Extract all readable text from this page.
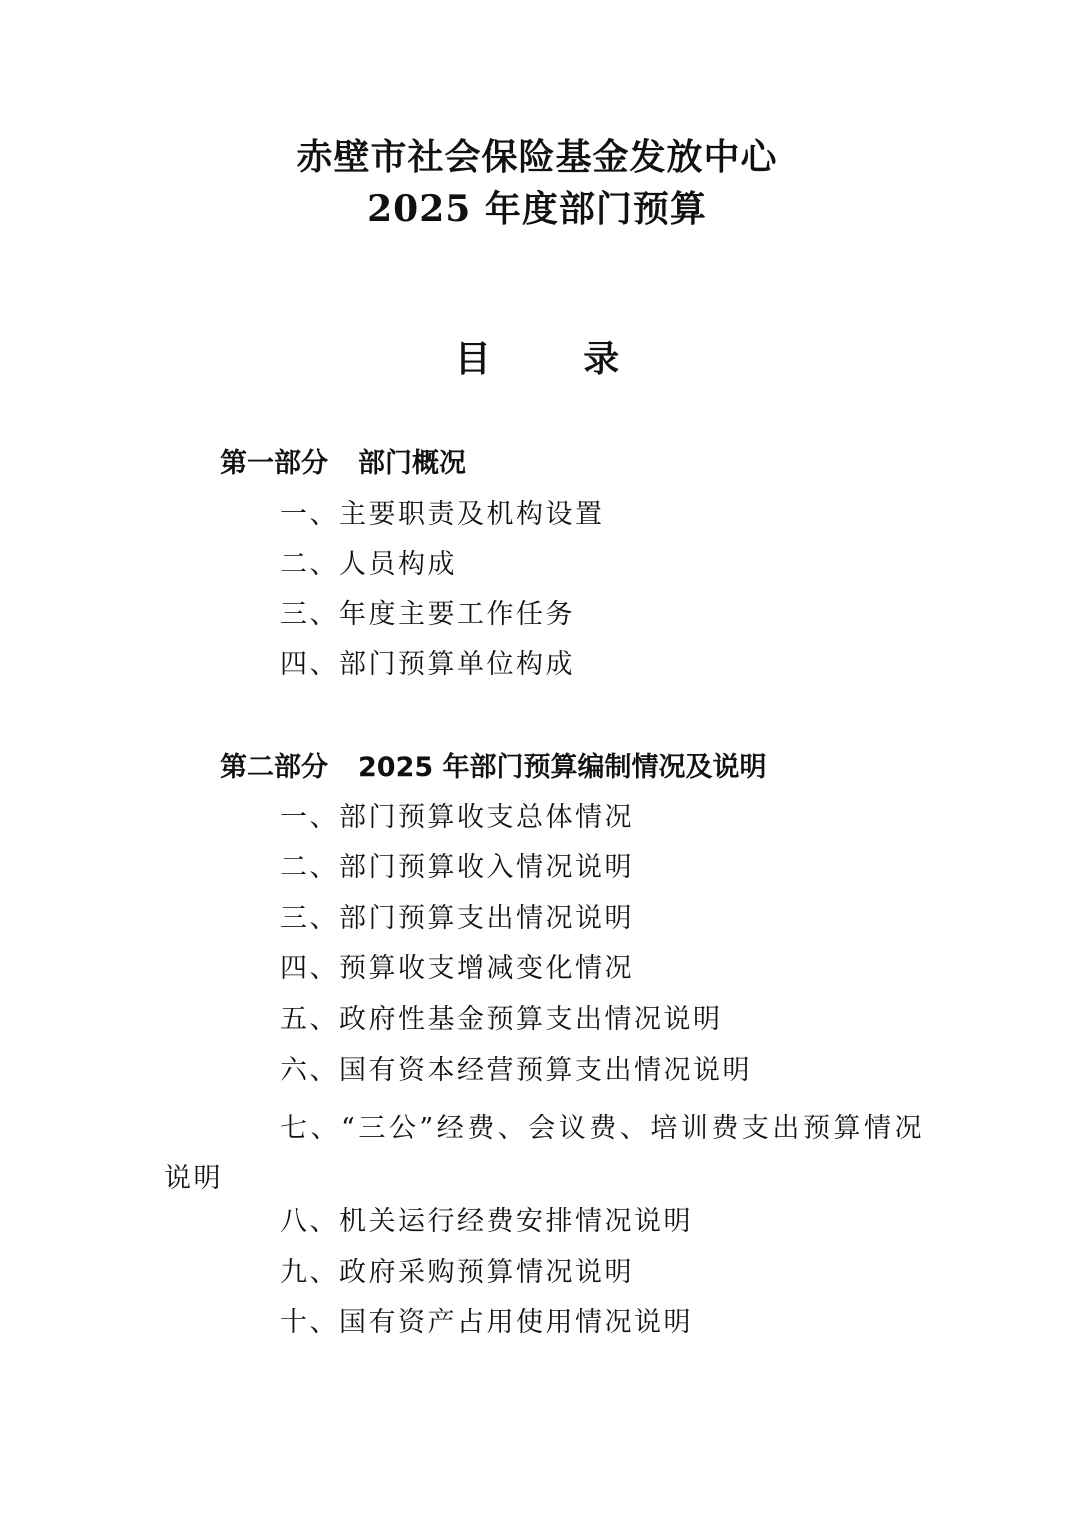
赤壁市社会保险基金发放中心
2025 年度部门预算
目 录
第一部分 部门概况
一、主要职责及机构设置
二、人员构成
三、年度主要工作任务
四、部门预算单位构成
第二部分 2025 年部门预算编制情况及说明
一、部门预算收支总体情况
二、部门预算收入情况说明
三、部门预算支出情况说明
四、预算收支增减变化情况
五、政府性基金预算支出情况说明
六、国有资本经营预算支出情况说明
七、“三公”经费、会议费、培训费支出预算情况说明
八、机关运行经费安排情况说明
九、政府采购预算情况说明
十、国有资产占用使用情况说明
